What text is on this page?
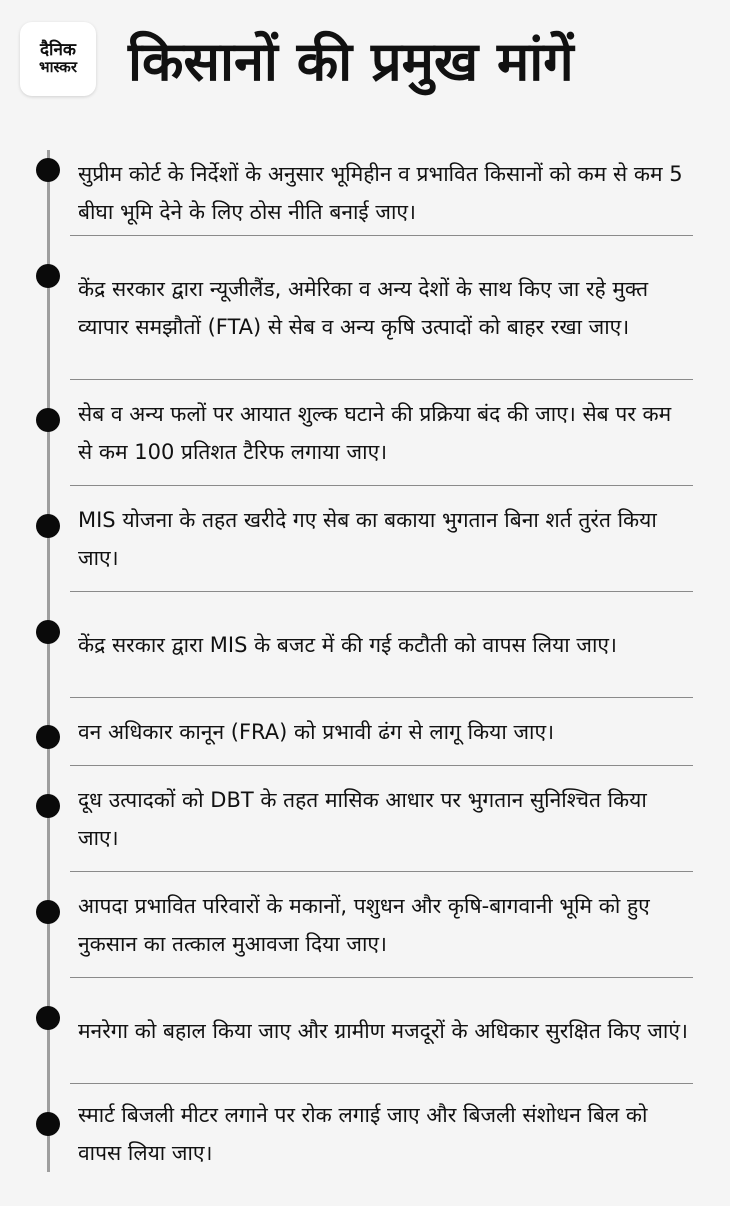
दैनिक
भास्कर किसानों की प्रमुख मांगें
सुप्रीम कोर्ट के निर्देशों के अनुसार भूमिहीन व प्रभावित किसानों को कम से कम 5 बीघा भूमि देने के लिए ठोस नीति बनाई जाए।
केंद्र सरकार द्वारा न्यूजीलैंड, अमेरिका व अन्य देशों के साथ किए जा रहे मुक्त व्यापार समझौतों (FTA) से सेब व अन्य कृषि उत्पादों को बाहर रखा जाए।
सेब व अन्य फलों पर आयात शुल्क घटाने की प्रक्रिया बंद की जाए। सेब पर कम से कम 100 प्रतिशत टैरिफ लगाया जाए।
MIS योजना के तहत खरीदे गए सेब का बकाया भुगतान बिना शर्त तुरंत किया जाए।
केंद्र सरकार द्वारा MIS के बजट में की गई कटौती को वापस लिया जाए।
वन अधिकार कानून (FRA) को प्रभावी ढंग से लागू किया जाए।
दूध उत्पादकों को DBT के तहत मासिक आधार पर भुगतान सुनिश्चित किया जाए।
आपदा प्रभावित परिवारों के मकानों, पशुधन और कृषि-बागवानी भूमि को हुए नुकसान का तत्काल मुआवजा दिया जाए।
मनरेगा को बहाल किया जाए और ग्रामीण मजदूरों के अधिकार सुरक्षित किए जाएं।
स्मार्ट बिजली मीटर लगाने पर रोक लगाई जाए और बिजली संशोधन बिल को वापस लिया जाए।
